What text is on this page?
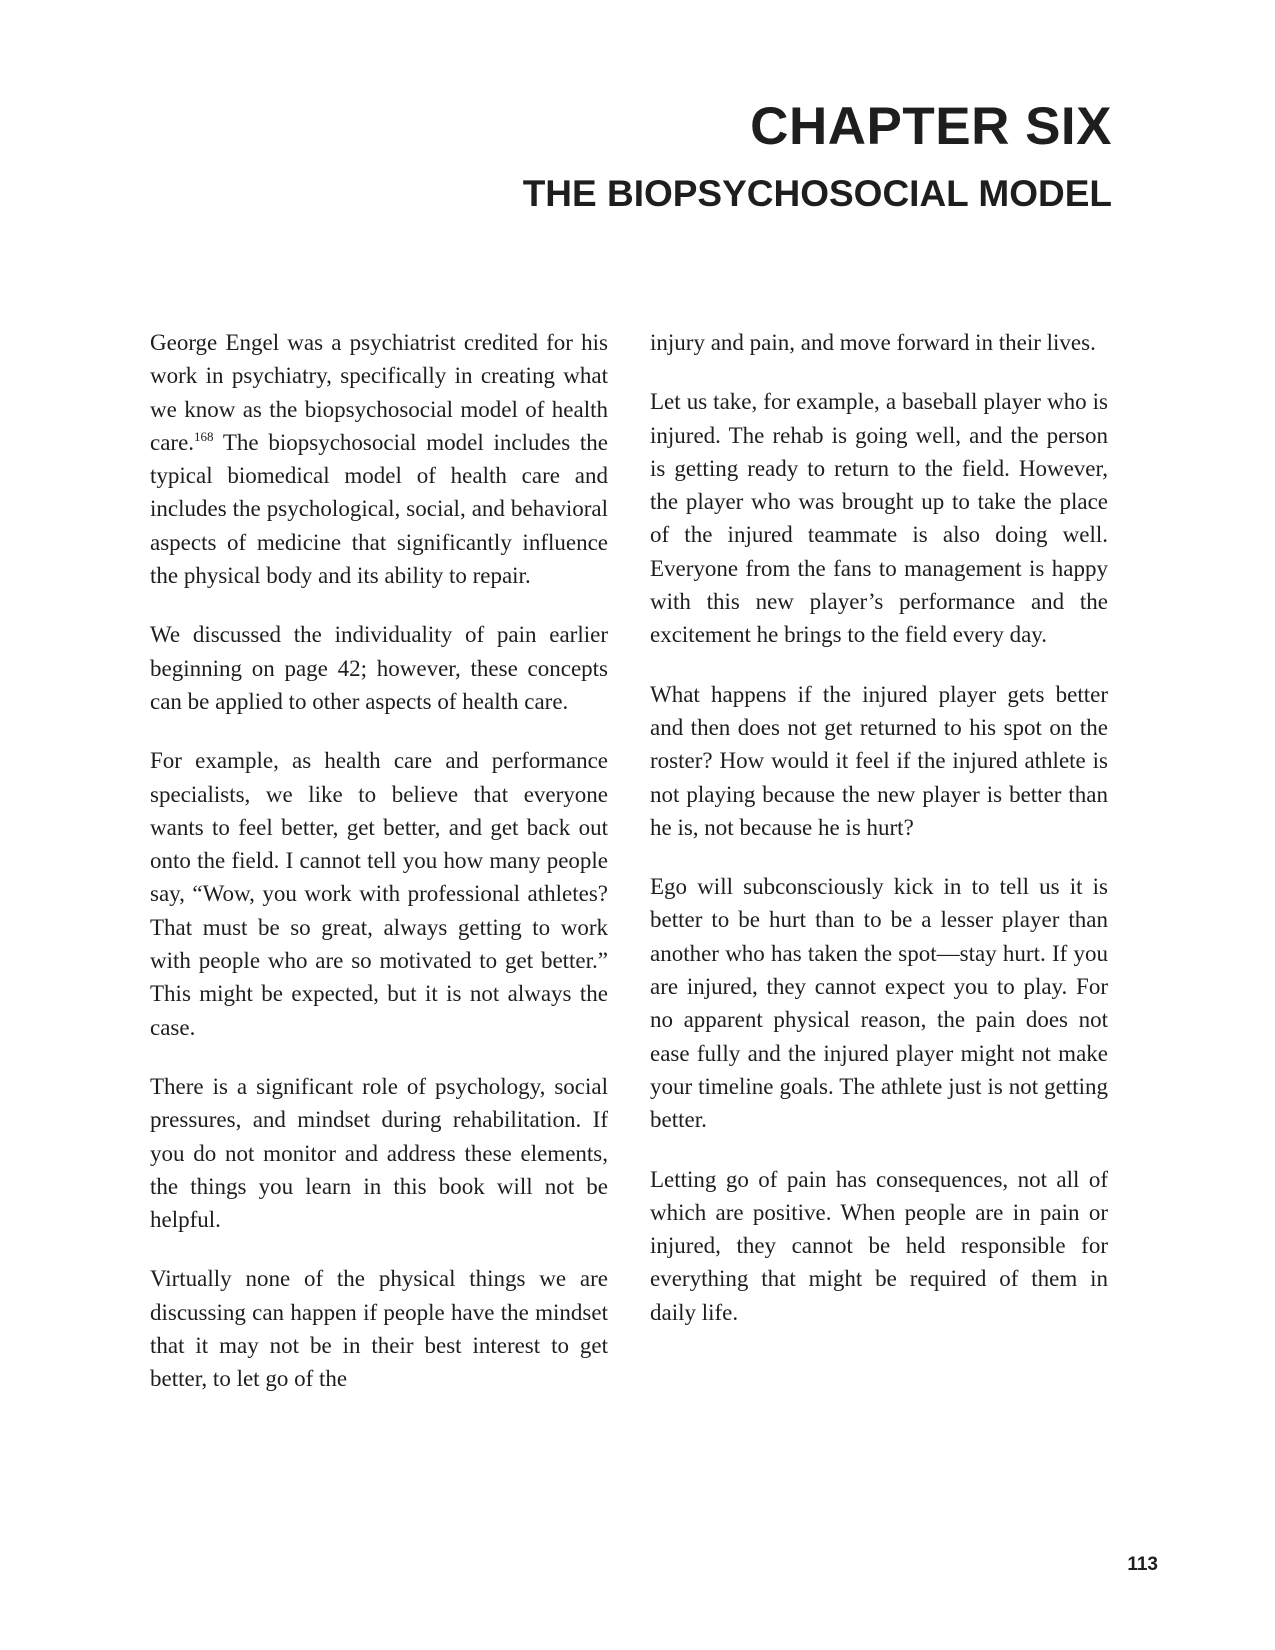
CHAPTER SIX
THE BIOPSYCHOSOCIAL MODEL

George Engel was a psychiatrist credited for his work in psychiatry, specifically in creating what we know as the biopsychosocial model of health care.$^{168}$ The biopsychosocial model includes the typical biomedical model of health care and includes the psychological, social, and behavioral aspects of medicine that significantly influence the physical body and its ability to repair.

We discussed the individuality of pain earlier beginning on page 42; however, these concepts can be applied to other aspects of health care.

For example, as health care and performance specialists, we like to believe that everyone wants to feel better, get better, and get back out onto the field. I cannot tell you how many people say, “Wow, you work with professional athletes? That must be so great, always getting to work with people who are so motivated to get better.” This might be expected, but it is not always the case.

There is a significant role of psychology, social pressures, and mindset during rehabilitation. If you do not monitor and address these elements, the things you learn in this book will not be helpful.

Virtually none of the physical things we are discussing can happen if people have the mindset that it may not be in their best interest to get better, to let go of the

injury and pain, and move forward in their lives.

Let us take, for example, a baseball player who is injured. The rehab is going well, and the person is getting ready to return to the field. However, the player who was brought up to take the place of the injured teammate is also doing well. Everyone from the fans to management is happy with this new player’s performance and the excitement he brings to the field every day.

What happens if the injured player gets better and then does not get returned to his spot on the roster? How would it feel if the injured athlete is not playing because the new player is better than he is, not because he is hurt?

Ego will subconsciously kick in to tell us it is better to be hurt than to be a lesser player than another who has taken the spot—stay hurt. If you are injured, they cannot expect you to play. For no apparent physical reason, the pain does not ease fully and the injured player might not make your timeline goals. The athlete just is not getting better.

Letting go of pain has consequences, not all of which are positive. When people are in pain or injured, they cannot be held responsible for everything that might be required of them in daily life.

113
